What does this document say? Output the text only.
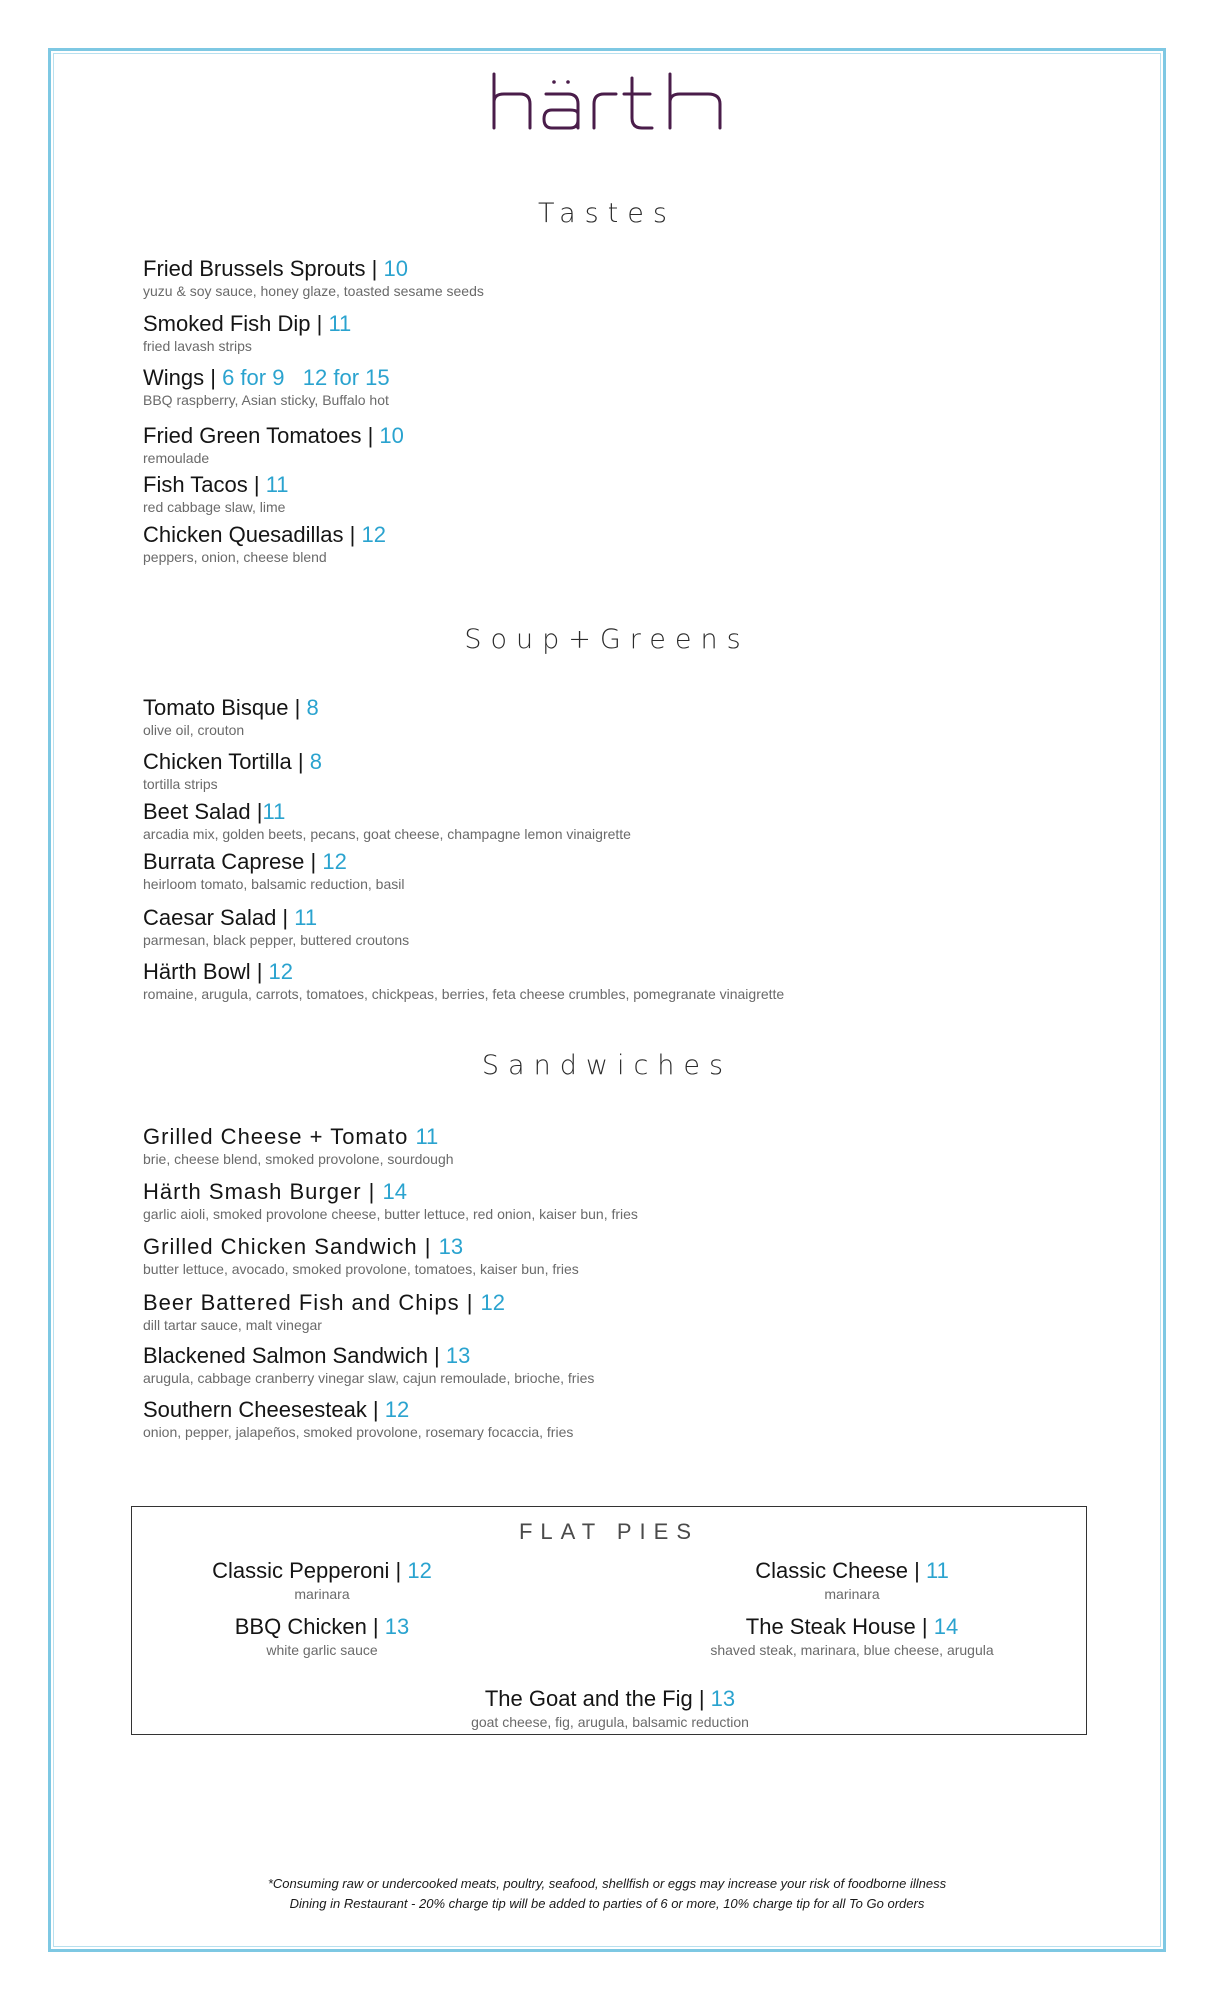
Tastes
Fried Brussels Sprouts | 10
yuzu & soy sauce, honey glaze, toasted sesame seeds
Smoked Fish Dip | 11
fried lavash strips
Wings | 6 for 9   12 for 15
BBQ raspberry, Asian sticky, Buffalo hot
Fried Green Tomatoes | 10
remoulade
Fish Tacos | 11
red cabbage slaw, lime
Chicken Quesadillas | 12
peppers, onion, cheese blend
Soup+Greens
Tomato Bisque | 8
olive oil, crouton
Chicken Tortilla | 8
tortilla strips
Beet Salad |11
arcadia mix, golden beets, pecans, goat cheese, champagne lemon vinaigrette
Burrata Caprese | 12
heirloom tomato, balsamic reduction, basil
Caesar Salad | 11
parmesan, black pepper, buttered croutons
Härth Bowl | 12
romaine, arugula, carrots, tomatoes, chickpeas, berries, feta cheese crumbles, pomegranate vinaigrette
Sandwiches
Grilled Cheese + Tomato 11
brie, cheese blend, smoked provolone, sourdough
Härth Smash Burger | 14
garlic aioli, smoked provolone cheese, butter lettuce, red onion, kaiser bun, fries
Grilled Chicken Sandwich | 13
butter lettuce, avocado, smoked provolone, tomatoes, kaiser bun, fries
Beer Battered Fish and Chips | 12
dill tartar sauce, malt vinegar
Blackened Salmon Sandwich | 13
arugula, cabbage cranberry vinegar slaw, cajun remoulade, brioche, fries
Southern Cheesesteak | 12
onion, pepper, jalapeños, smoked provolone, rosemary focaccia, fries
FLAT PIES
Classic Pepperoni | 12
marinara
Classic Cheese | 11
marinara
BBQ Chicken | 13
white garlic sauce
The Steak House | 14
shaved steak, marinara, blue cheese, arugula
The Goat and the Fig | 13
goat cheese, fig, arugula, balsamic reduction
*Consuming raw or undercooked meats, poultry, seafood, shellfish or eggs may increase your risk of foodborne illness
Dining in Restaurant - 20% charge tip will be added to parties of 6 or more, 10% charge tip for all To Go orders
